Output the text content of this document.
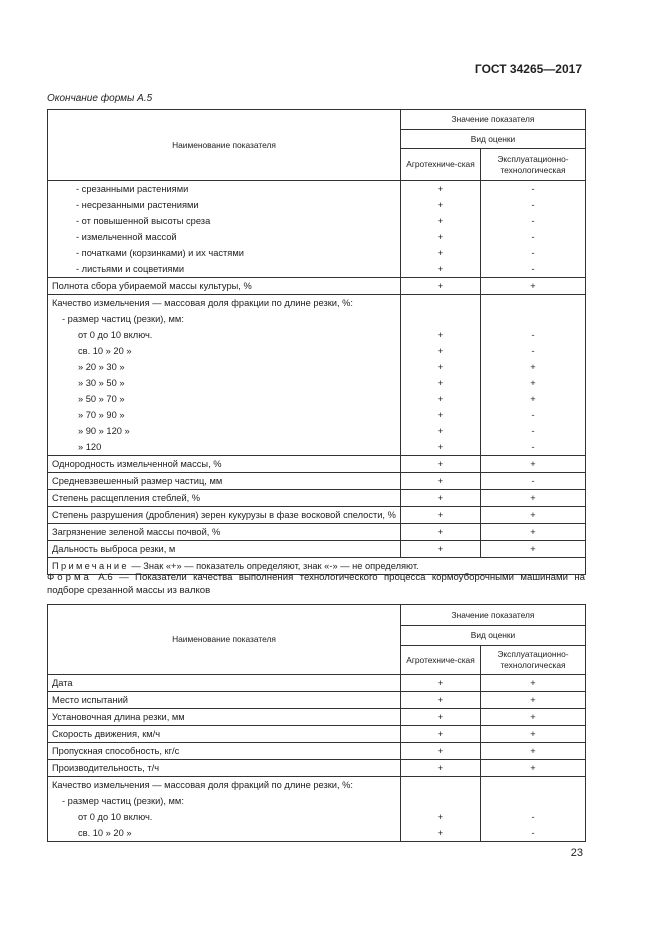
ГОСТ 34265—2017
Окончание формы А.5
Наименование показателя	Значение показателя	
	Вид оценки	
	Агротехниче-ская	Эксплуатационно-технологическая
- срезанными растениями	+	-
- несрезанными растениями	+	-
- от повышенной высоты среза	+	-
- измельченной массой	+	-
- початками (корзинками) и их частями	+	-
- листьями и соцветиями	+	-
Полнота сбора убираемой массы культуры, %	+	+
Качество измельчения — массовая доля фракции по длине резки, %:		
- размер частиц (резки), мм:		
от 0 до 10 включ.	+	-
св. 10 » 20 »	+	-
» 20 » 30 »	+	+
» 30 » 50 »	+	+
» 50 » 70 »	+	+
» 70 » 90 »	+	-
» 90 » 120 »	+	-
» 120	+	-
Однородность измельченной массы, %	+	+
Средневзвешенный размер частиц, мм	+	-
Степень расщепления стеблей, %	+	+
Степень разрушения (дробления) зерен кукурузы в фазе восковой спелости, %	+	+
Загрязнение зеленой массы почвой, %	+	+
Дальность выброса резки, м	+	+
Примечание — Знак «+» — показатель определяют, знак «-» — не определяют.		
Наименование показателя	Значение показателя	
	Вид оценки	
	Агротехниче-ская	Эксплуатационно-технологическая
Дата	+	+
Место испытаний	+	+
Установочная длина резки, мм	+	+
Скорость движения, км/ч	+	+
Пропускная способность, кг/с	+	+
Производительность, т/ч	+	+
Качество измельчения — массовая доля фракций по длине резки, %:		
- размер частиц (резки), мм:		
от 0 до 10 включ.	+	-
св. 10 » 20 »	+	-
Форма А.6 — Показатели качества выполнения технологического процесса кормоуборочными машинами на подборе срезанной массы из валков
23
